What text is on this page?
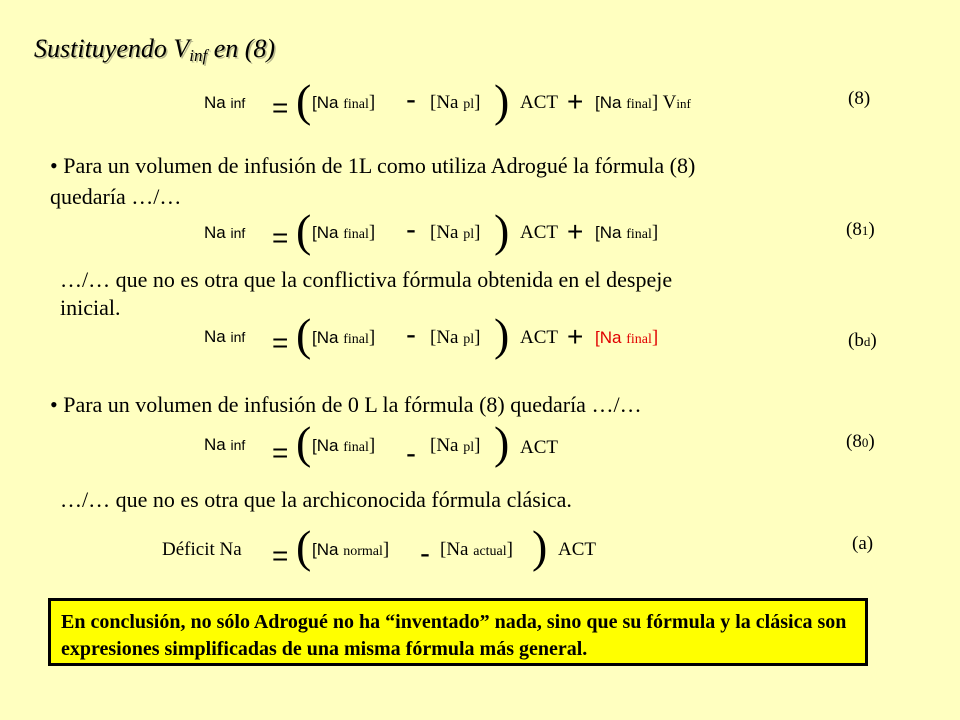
Sustituyendo $V_{inf}$ en (8)
Na inf = ( [Na final] - [Na pl] ) ACT + [Na final] Vinf	(8)
• Para un volumen de infusión de 1L como utiliza Adrogué la fórmula (8)
quedaría …/…
Na inf = ( [Na final] - [Na pl] ) ACT + [Na final]	(81)
…/… que no es otra que la conflictiva fórmula obtenida en el despeje
inicial.
Na inf = ( [Na final] - [Na pl] ) ACT + [Na final]	(bd)
• Para un volumen de infusión de 0 L la fórmula (8) quedaría …/…
Na inf = ( [Na final] - [Na pl] ) ACT	(80)
…/… que no es otra que la archiconocida fórmula clásica.
Déficit Na = ( [Na normal] - [Na actual] ) ACT	(a)
En conclusión, no sólo Adrogué no ha “inventado” nada, sino que su fórmula y la clásica son expresiones simplificadas de una misma fórmula más general.
